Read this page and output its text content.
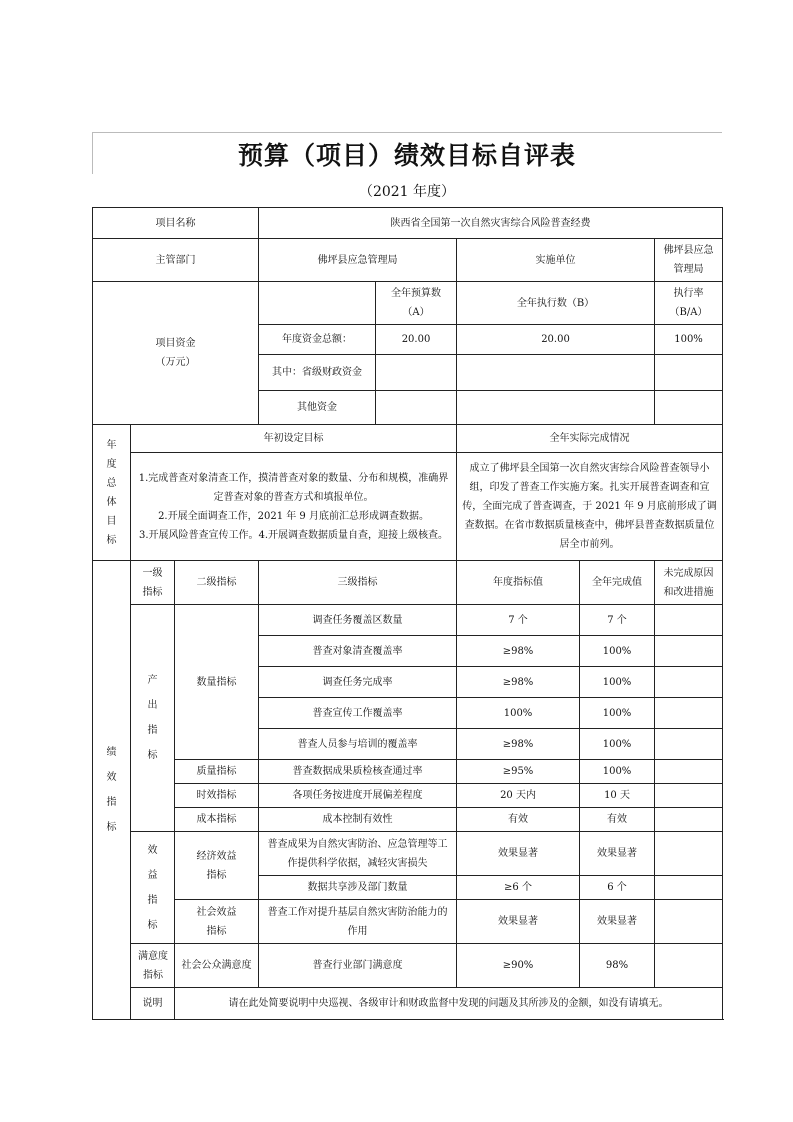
预算（项目）绩效目标自评表
（2021 年度）
项目名称			陕西省全国第一次自然灾害综合风险普查经费				
主管部门			佛坪县应急管理局		实施单位		佛坪县应急管理局

项目资金
（万元）				全年预算数（A）	全年执行数（B）		执行率（B/A）
			年度资金总额：	20.00	20.00		100%
			其中：省级财政资金				
			其他资金				

年度总体目标	年初设定目标				全年实际完成情况		

	1.完成普查对象清查工作，摸清普查对象的数量、分布和规模，准确界定普查对象的普查方式和填报单位。
2.开展全面调查工作，2021 年 9 月底前汇总形成调查数据。
3.开展风险普查宣传工作。4.开展调查数据质量自查，迎接上级核查。				成立了佛坪县全国第一次自然灾害综合风险普查领导小组，印发了普查工作实施方案。扎实开展普查调查和宣传，全面完成了普查调查，于 2021 年 9 月底前形成了调查数据。在省市数据质量核查中，佛坪县普查数据质量位居全市前列。		
绩效指标	一级指标	二级指标	三级指标		年度指标值	全年完成值	未完成原因和改进措施
	产出指标	数量指标	调查任务覆盖区数量		7 个	7 个	
			普查对象清查覆盖率		≥98%	100%	
			调查任务完成率		≥98%	100%	
			普查宣传工作覆盖率		100%	100%	
			普查人员参与培训的覆盖率		≥98%	100%	
		质量指标	普查数据成果质检核查通过率		≥95%	100%	
		时效指标	各项任务按进度开展偏差程度		20 天内	10 天	
		成本指标	成本控制有效性		有效	有效	
	效益指标	经济效益指标	普查成果为自然灾害防治、应急管理等工作提供科学依据，减轻灾害损失		效果显著	效果显著	
			数据共享涉及部门数量		≥6 个	6 个	
		社会效益指标	普查工作对提升基层自然灾害防治能力的作用		效果显著	效果显著	
	满意度指标	社会公众满意度	普查行业部门满意度		≥90%	98%	
	说明	请在此处简要说明中央巡视、各级审计和财政监督中发现的问题及其所涉及的金额，如没有请填无。					
